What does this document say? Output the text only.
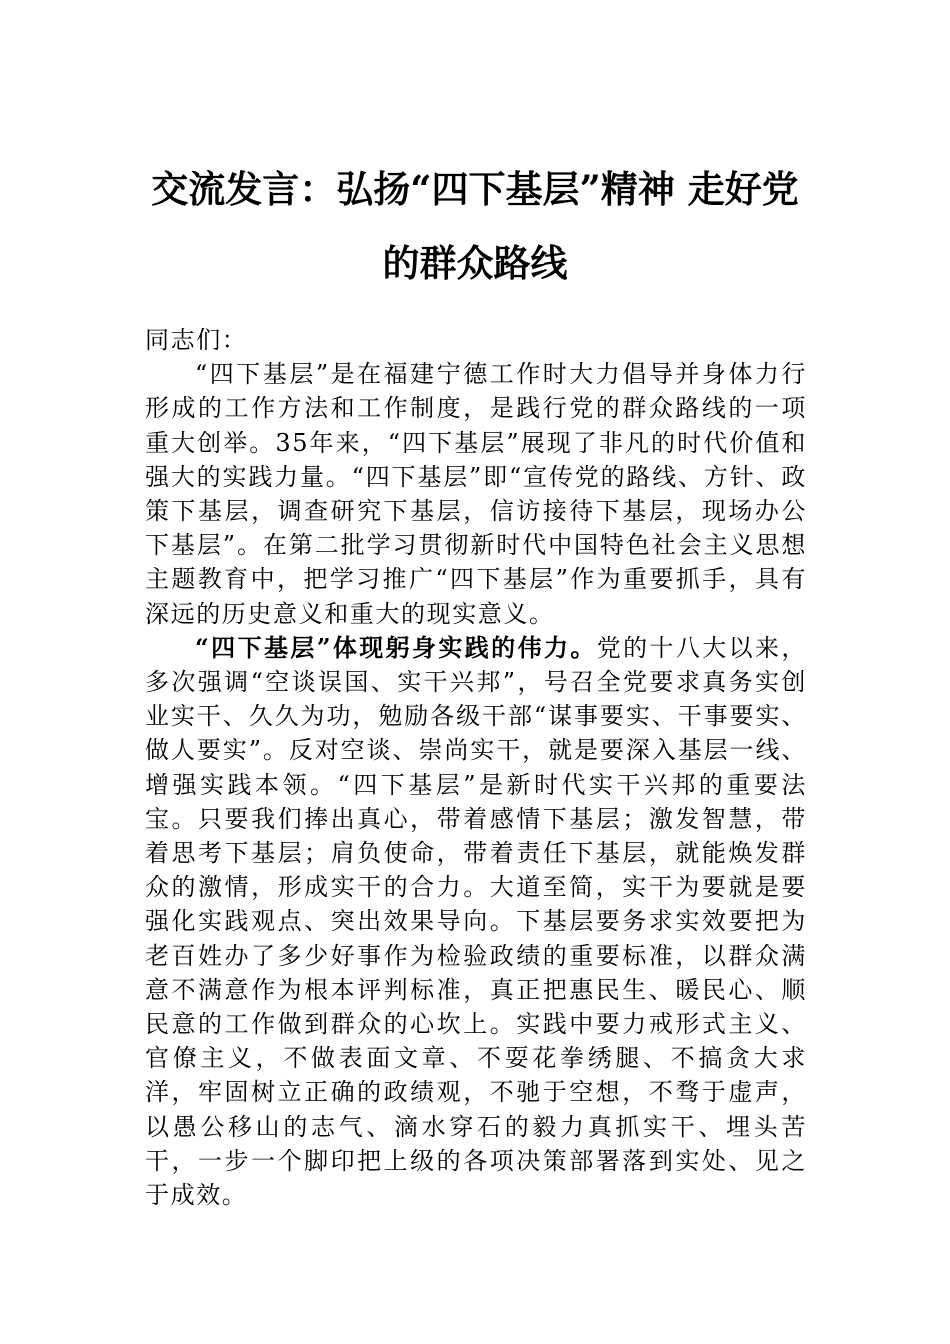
交流发言：弘扬“四下基层”精神 走好党
的群众路线

同志们：

“四下基层”是在福建宁德工作时大力倡导并身体力行形成的工作方法和工作制度，是践行党的群众路线的一项重大创举。35年来，“四下基层”展现了非凡的时代价值和强大的实践力量。“四下基层”即“宣传党的路线、方针、政策下基层，调查研究下基层，信访接待下基层，现场办公下基层”。在第二批学习贯彻新时代中国特色社会主义思想主题教育中，把学习推广“四下基层”作为重要抓手，具有深远的历史意义和重大的现实意义。

“四下基层”体现躬身实践的伟力。党的十八大以来，多次强调“空谈误国、实干兴邦”，号召全党要求真务实创业实干、久久为功，勉励各级干部“谋事要实、干事要实、做人要实”。反对空谈、崇尚实干，就是要深入基层一线、增强实践本领。“四下基层”是新时代实干兴邦的重要法宝。只要我们捧出真心，带着感情下基层；激发智慧，带着思考下基层；肩负使命，带着责任下基层，就能焕发群众的激情，形成实干的合力。大道至简，实干为要就是要强化实践观点、突出效果导向。下基层要务求实效要把为老百姓办了多少好事作为检验政绩的重要标准，以群众满意不满意作为根本评判标准，真正把惠民生、暖民心、顺民意的工作做到群众的心坎上。实践中要力戒形式主义、官僚主义，不做表面文章、不耍花拳绣腿、不搞贪大求洋，牢固树立正确的政绩观，不驰于空想，不骛于虚声，以愚公移山的志气、滴水穿石的毅力真抓实干、埋头苦干，一步一个脚印把上级的各项决策部署落到实处、见之于成效。
